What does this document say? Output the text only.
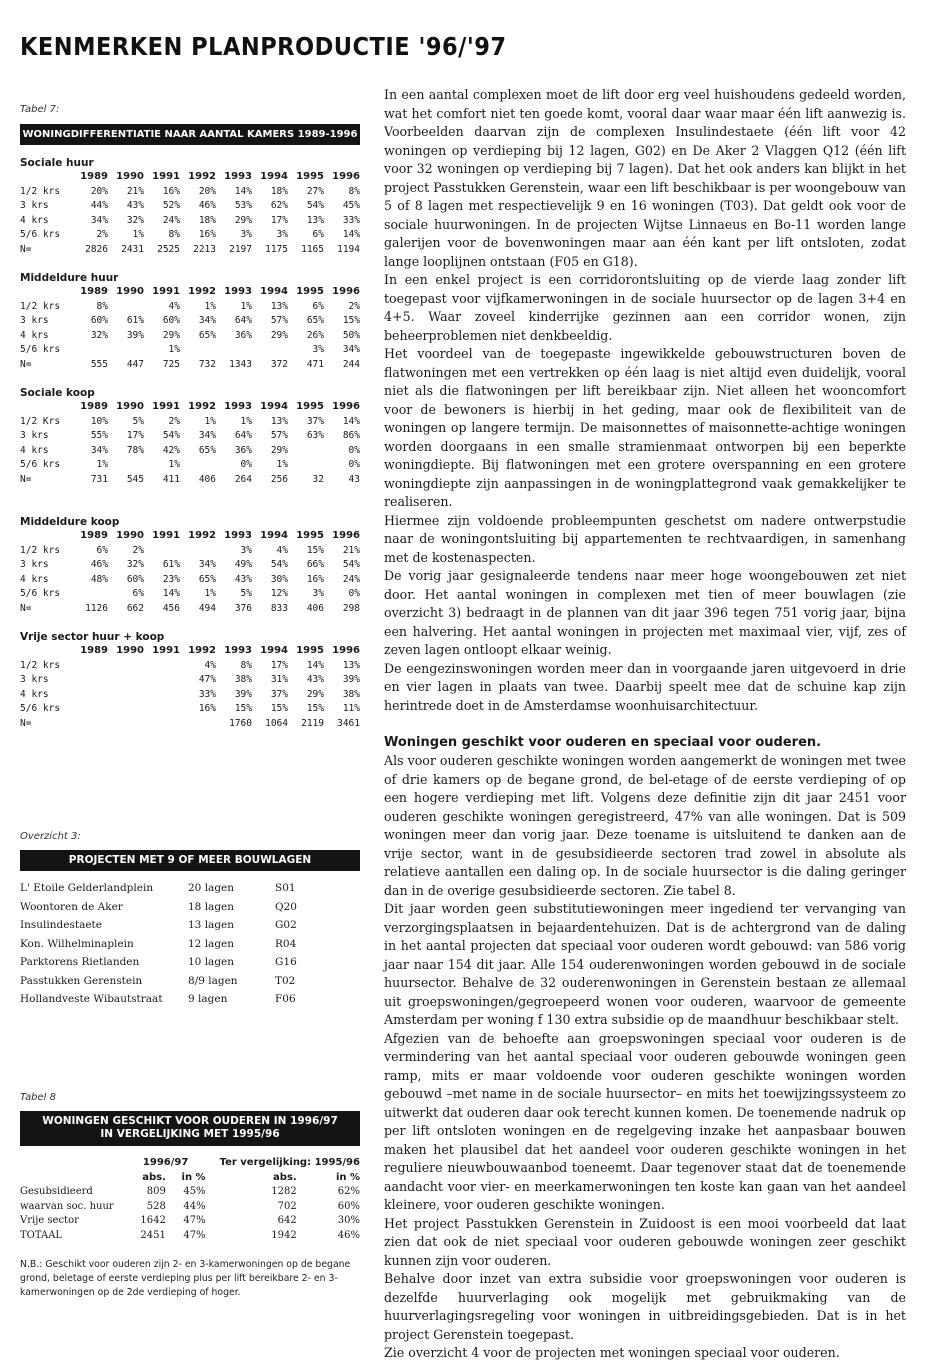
KENMERKEN PLANPRODUCTIE '96/'97
Tabel 7:
WONINGDIFFERENTIATIE NAAR AANTAL KAMERS 1989-1996
Sociale huur
	1989	1990	1991	1992	1993	1994	1995	1996
1/2 krs	20%	21%	16%	20%	14%	18%	27%	8%
3 krs	44%	43%	52%	46%	53%	62%	54%	45%
4 krs	34%	32%	24%	18%	29%	17%	13%	33%
5/6 krs	2%	1%	8%	16%	3%	3%	6%	14%
N=	2826	2431	2525	2213	2197	1175	1165	1194
Middeldure huur
	1989	1990	1991	1992	1993	1994	1995	1996
1/2 krs	8%		4%	1%	1%	13%	6%	2%
3 krs	60%	61%	60%	34%	64%	57%	65%	15%
4 krs	32%	39%	29%	65%	36%	29%	26%	50%
5/6 krs			1%				3%	34%
N=	555	447	725	732	1343	372	471	244
Sociale koop
	1989	1990	1991	1992	1993	1994	1995	1996
1/2 Krs	10%	5%	2%	1%	1%	13%	37%	14%
3 krs	55%	17%	54%	34%	64%	57%	63%	86%
4 krs	34%	78%	42%	65%	36%	29%		0%
5/6 krs	1%		1%		0%	1%		0%
N=	731	545	411	406	264	256	32	43
Middeldure koop
	1989	1990	1991	1992	1993	1994	1995	1996
1/2 krs	6%	2%			3%	4%	15%	21%
3 krs	46%	32%	61%	34%	49%	54%	66%	54%
4 krs	48%	60%	23%	65%	43%	30%	16%	24%
5/6 krs		6%	14%	1%	5%	12%	3%	0%
N=	1126	662	456	494	376	833	406	298
Vrije sector huur + koop
	1989	1990	1991	1992	1993	1994	1995	1996
1/2 krs				4%	8%	17%	14%	13%
3 krs				47%	38%	31%	43%	39%
4 krs				33%	39%	37%	29%	38%
5/6 krs				16%	15%	15%	15%	11%
N=					1760	1064	2119	3461
Overzicht 3:
PROJECTEN MET 9 OF MEER BOUWLAGEN
L' Etoile Gelderlandplein	20 lagen	S01
Woontoren de Aker	18 lagen	Q20
Insulindestaete	13 lagen	G02
Kon. Wilhelminaplein	12 lagen	R04
Parktorens Rietlanden	10 lagen	G16
Passtukken Gerenstein	8/9 lagen	T02
Hollandveste Wibautstraat 9 lagen	F06
Tabel 8
WONINGEN GESCHIKT VOOR OUDEREN IN 1996/97
IN VERGELIJKING MET 1995/96
	1996/97		Ter vergelijking: 1995/96	
	abs.	in %	abs.	in %
Gesubsidieerd	809	45%	1282	62%
waarvan soc. huur	528	44%	702	60%
Vrije sector	1642	47%	642	30%
TOTAAL	2451	47%	1942	46%
N.B.: Geschikt voor ouderen zijn 2- en 3-kamerwoningen op de begane grond, beletage of eerste verdieping plus per lift bereikbare 2- en 3-kamerwoningen op de 2de verdieping of hoger.

In een aantal complexen moet de lift door erg veel huishoudens gedeeld worden, wat het comfort niet ten goede komt, vooral daar waar maar één lift aanwezig is. Voorbeelden daarvan zijn de complexen Insulindestaete (één lift voor 42 woningen op verdieping bij 12 lagen, G02) en De Aker 2 Vlaggen Q12 (één lift voor 32 woningen op verdieping bij 7 lagen). Dat het ook anders kan blijkt in het project Passtukken Gerenstein, waar een lift beschikbaar is per woongebouw van 5 of 8 lagen met respectievelijk 9 en 16 woningen (T03). Dat geldt ook voor de sociale huurwoningen. In de projecten Wijtse Linnaeus en Bo-11 worden lange galerijen voor de bovenwoningen maar aan één kant per lift ontsloten, zodat lange looplijnen ontstaan (F05 en G18).

In een enkel project is een corridorontsluiting op de vierde laag zonder lift toegepast voor vijfkamerwoningen in de sociale huursector op de lagen 3+4 en 4+5. Waar zoveel kinderrijke gezinnen aan een corridor wonen, zijn beheerproblemen niet denkbeeldig.

Het voordeel van de toegepaste ingewikkelde gebouwstructuren boven de flatwoningen met een vertrekken op één laag is niet altijd even duidelijk, vooral niet als die flatwoningen per lift bereikbaar zijn. Niet alleen het wooncomfort voor de bewoners is hierbij in het geding, maar ook de flexibiliteit van de woningen op langere termijn. De maisonnettes of maisonnette-achtige woningen worden doorgaans in een smalle stramienmaat ontworpen bij een beperkte woningdiepte. Bij flatwoningen met een grotere overspanning en een grotere woningdiepte zijn aanpassingen in de woningplattegrond vaak gemakkelijker te realiseren.

Hiermee zijn voldoende probleempunten geschetst om nadere ontwerpstudie naar de woningontsluiting bij appartementen te rechtvaardigen, in samenhang met de kostenaspecten.

De vorig jaar gesignaleerde tendens naar meer hoge woongebouwen zet niet door. Het aantal woningen in complexen met tien of meer bouwlagen (zie overzicht 3) bedraagt in de plannen van dit jaar 396 tegen 751 vorig jaar, bijna een halvering. Het aantal woningen in projecten met maximaal vier, vijf, zes of zeven lagen ontloopt elkaar weinig.

De eengezinswoningen worden meer dan in voorgaande jaren uitgevoerd in drie en vier lagen in plaats van twee. Daarbij speelt mee dat de schuine kap zijn herintrede doet in de Amsterdamse woonhuisarchitectuur.

Woningen geschikt voor ouderen en speciaal voor ouderen.

Als voor ouderen geschikte woningen worden aangemerkt de woningen met twee of drie kamers op de begane grond, de bel-etage of de eerste verdieping of op een hogere verdieping met lift. Volgens deze definitie zijn dit jaar 2451 voor ouderen geschikte woningen geregistreerd, 47% van alle woningen. Dat is 509 woningen meer dan vorig jaar. Deze toename is uitsluitend te danken aan de vrije sector, want in de gesubsidieerde sectoren trad zowel in absolute als relatieve aantallen een daling op. In de sociale huursector is die daling geringer dan in de overige gesubsidieerde sectoren. Zie tabel 8.

Dit jaar worden geen substitutiewoningen meer ingediend ter vervanging van verzorgingsplaatsen in bejaardentehuizen. Dat is de achtergrond van de daling in het aantal projecten dat speciaal voor ouderen wordt gebouwd: van 586 vorig jaar naar 154 dit jaar. Alle 154 ouderenwoningen worden gebouwd in de sociale huursector. Behalve de 32 ouderenwoningen in Gerenstein bestaan ze allemaal uit groepswoningen/gegroepeerd wonen voor ouderen, waarvoor de gemeente Amsterdam per woning f 130 extra subsidie op de maandhuur beschikbaar stelt.

Afgezien van de behoefte aan groepswoningen speciaal voor ouderen is de vermindering van het aantal speciaal voor ouderen gebouwde woningen geen ramp, mits er maar voldoende voor ouderen geschikte woningen worden gebouwd –met name in de sociale huursector– en mits het toewijzingssysteem zo uitwerkt dat ouderen daar ook terecht kunnen komen. De toenemende nadruk op per lift ontsloten woningen en de regelgeving inzake het aanpasbaar bouwen maken het plausibel dat het aandeel voor ouderen geschikte woningen in het reguliere nieuwbouwaanbod toeneemt. Daar tegenover staat dat de toenemende aandacht voor vier- en meerkamerwoningen ten koste kan gaan van het aandeel kleinere, voor ouderen geschikte woningen.

Het project Passtukken Gerenstein in Zuidoost is een mooi voorbeeld dat laat zien dat ook de niet speciaal voor ouderen gebouwde woningen zeer geschikt kunnen zijn voor ouderen.

Behalve door inzet van extra subsidie voor groepswoningen voor ouderen is dezelfde huurverlaging ook mogelijk met gebruikmaking van de huurverlagingsregeling voor woningen in uitbreidingsgebieden. Dat is in het project Gerenstein toegepast.

Zie overzicht 4 voor de projecten met woningen speciaal voor ouderen.
